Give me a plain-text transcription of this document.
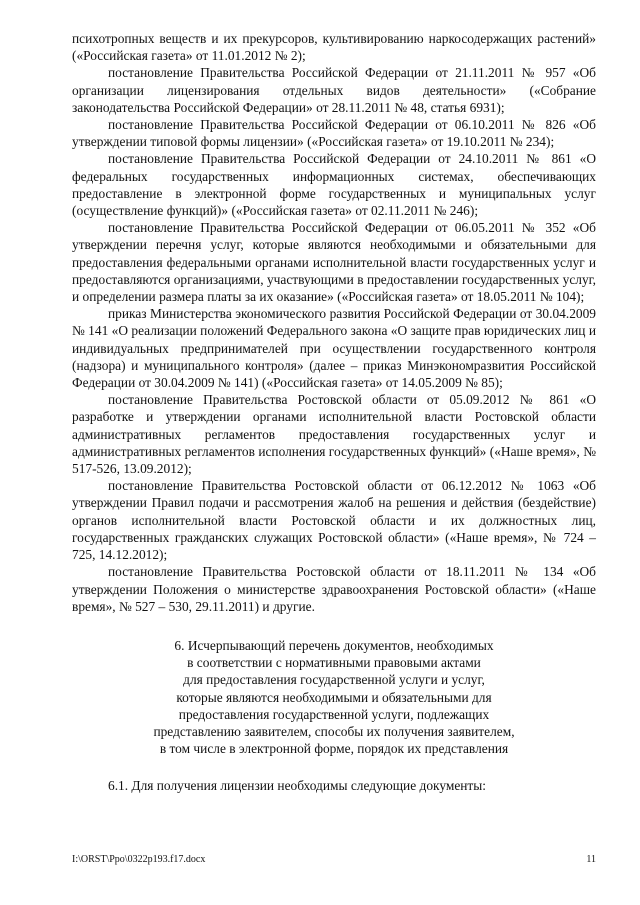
психотропных веществ и их прекурсоров, культивированию наркосодержащих растений» («Российская газета» от 11.01.2012 № 2);

постановление Правительства Российской Федерации от 21.11.2011 № 957 «Об организации лицензирования отдельных видов деятельности» («Собрание законодательства Российской Федерации» от 28.11.2011 № 48, статья 6931);

постановление Правительства Российской Федерации от 06.10.2011 № 826 «Об утверждении типовой формы лицензии» («Российская газета» от 19.10.2011 № 234);

постановление Правительства Российской Федерации от 24.10.2011 № 861 «О федеральных государственных информационных системах, обеспечивающих предоставление в электронной форме государственных и муниципальных услуг (осуществление функций)» («Российская газета» от 02.11.2011 № 246);

постановление Правительства Российской Федерации от 06.05.2011 № 352 «Об утверждении перечня услуг, которые являются необходимыми и обязательными для предоставления федеральными органами исполнительной власти государственных услуг и предоставляются организациями, участвующими в предоставлении государственных услуг, и определении размера платы за их оказание» («Российская газета» от 18.05.2011 № 104);

приказ Министерства экономического развития Российской Федерации от 30.04.2009 № 141 «О реализации положений Федерального закона «О защите прав юридических лиц и индивидуальных предпринимателей при осуществлении государственного контроля (надзора) и муниципального контроля» (далее – приказ Минэкономразвития Российской Федерации от 30.04.2009 № 141) («Российская газета» от 14.05.2009 № 85);

постановление Правительства Ростовской области от 05.09.2012 № 861 «О разработке и утверждении органами исполнительной власти Ростовской области административных регламентов предоставления государственных услуг и административных регламентов исполнения государственных функций» («Наше время», № 517-526, 13.09.2012);

постановление Правительства Ростовской области от 06.12.2012 № 1063 «Об утверждении Правил подачи и рассмотрения жалоб на решения и действия (бездействие) органов исполнительной власти Ростовской области и их должностных лиц, государственных гражданских служащих Ростовской области» («Наше время», № 724 – 725, 14.12.2012);

постановление Правительства Ростовской области от 18.11.2011 № 134 «Об утверждении Положения о министерстве здравоохранения Ростовской области» («Наше время», № 527 – 530, 29.11.2011) и другие.

6. Исчерпывающий перечень документов, необходимых
в соответствии с нормативными правовыми актами
для предоставления государственной услуги и услуг,
которые являются необходимыми и обязательными для
предоставления государственной услуги, подлежащих
представлению заявителем, способы их получения заявителем,
в том числе в электронной форме, порядок их представления

6.1. Для получения лицензии необходимы следующие документы:

I:\ORST\Ppo\0322p193.f17.docx	11
